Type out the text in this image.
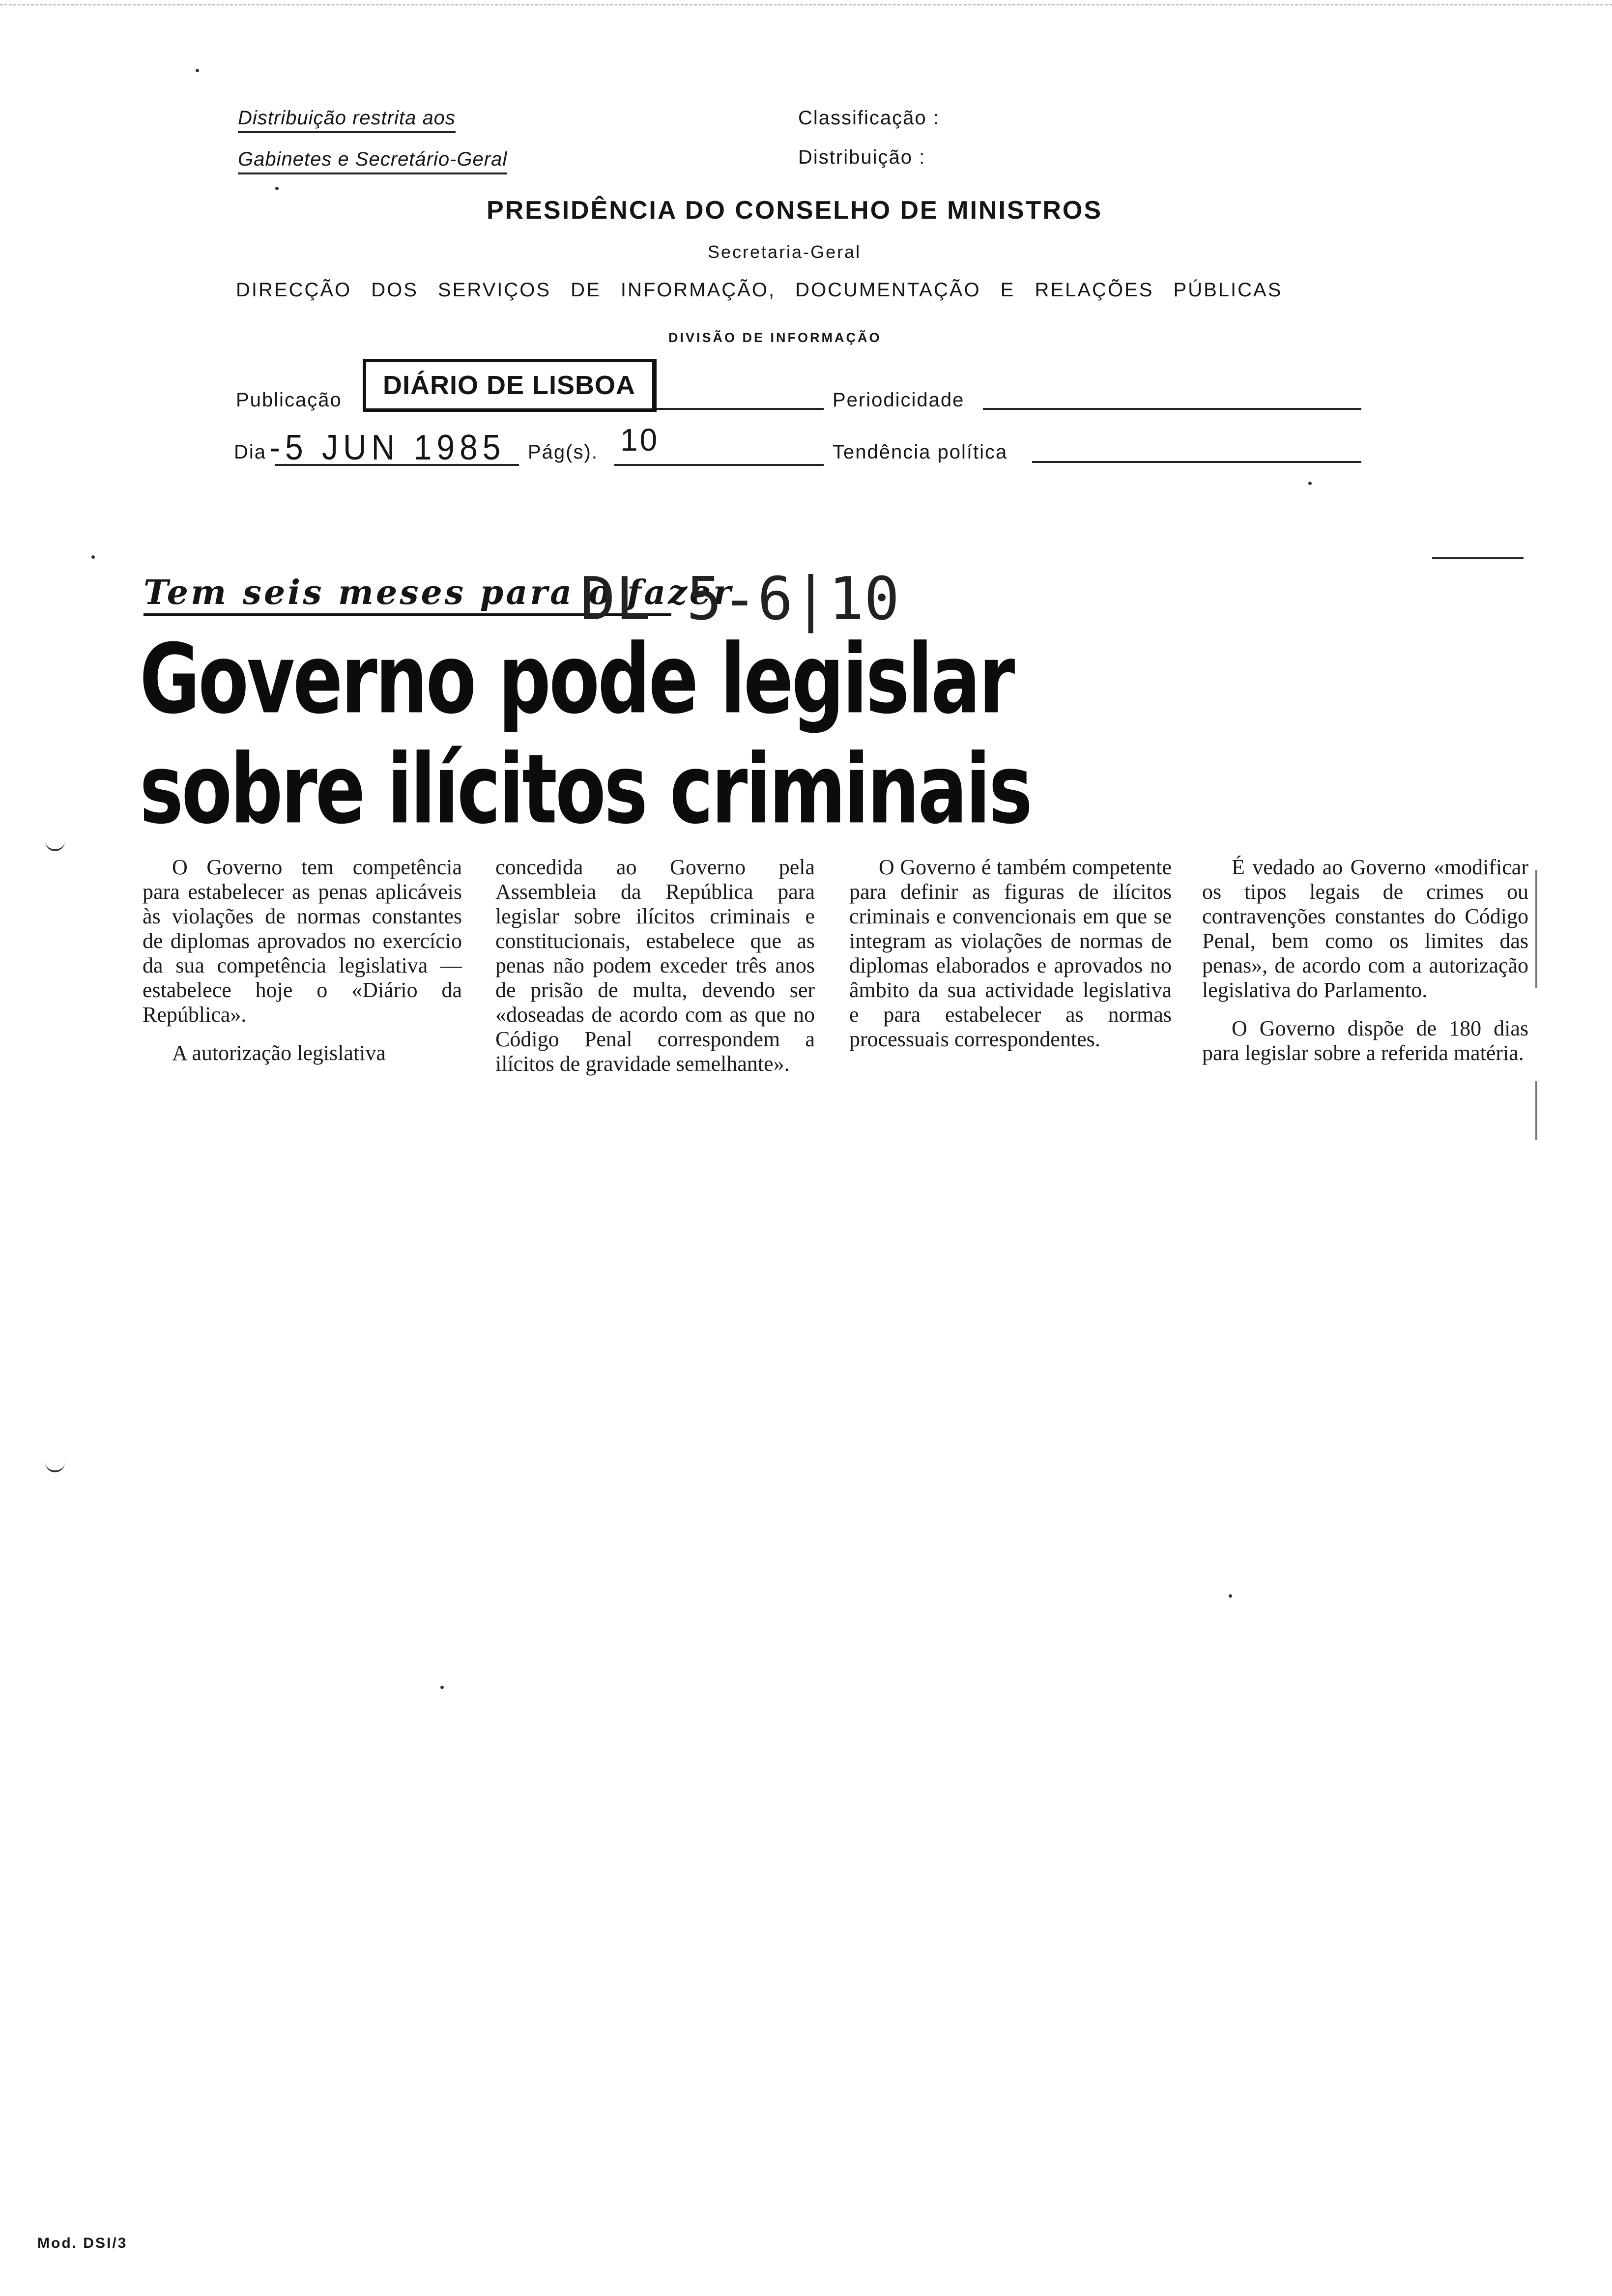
Distribuição restrita aos
Gabinetes e Secretário-Geral
Classificação :
Distribuição :
PRESIDÊNCIA DO CONSELHO DE MINISTROS
Secretaria-Geral
DIRECÇÃO DOS SERVIÇOS DE INFORMAÇÃO, DOCUMENTAÇÃO E RELAÇÕES PÚBLICAS
DIVISÃO DE INFORMAÇÃO
Publicação DIÁRIO DE LISBOA	Periodicidade
Dia -5 JUN 1985 Pág(s). 10	Tendência política
Tem seis meses para o fazer
Governo pode legislar
sobre ilícitos criminais
DL 5-6|10

O Governo tem competência para estabelecer as penas aplicáveis às violações de normas constantes de diplomas aprovados no exercício da sua competência legislativa — estabelece hoje o «Diário da República».

A autorização legislativa

concedida ao Governo pela Assembleia da República para legislar sobre ilícitos criminais e constitucionais, estabelece que as penas não podem exceder três anos de prisão de multa, devendo ser «doseadas de acordo com as que no Código Penal correspondem a ilícitos de gravidade semelhante».

O Governo é também competente para definir as figuras de ilícitos criminais e convencionais em que se integram as violações de normas de diplomas elaborados e aprovados no âmbito da sua actividade legislativa e para estabelecer as normas processuais correspondentes.

É vedado ao Governo «modificar os tipos legais de crimes ou contravenções constantes do Código Penal, bem como os limites das penas», de acordo com a autorização legislativa do Parlamento.

O Governo dispõe de 180 dias para legislar sobre a referida matéria.

Mod. DSI/3
